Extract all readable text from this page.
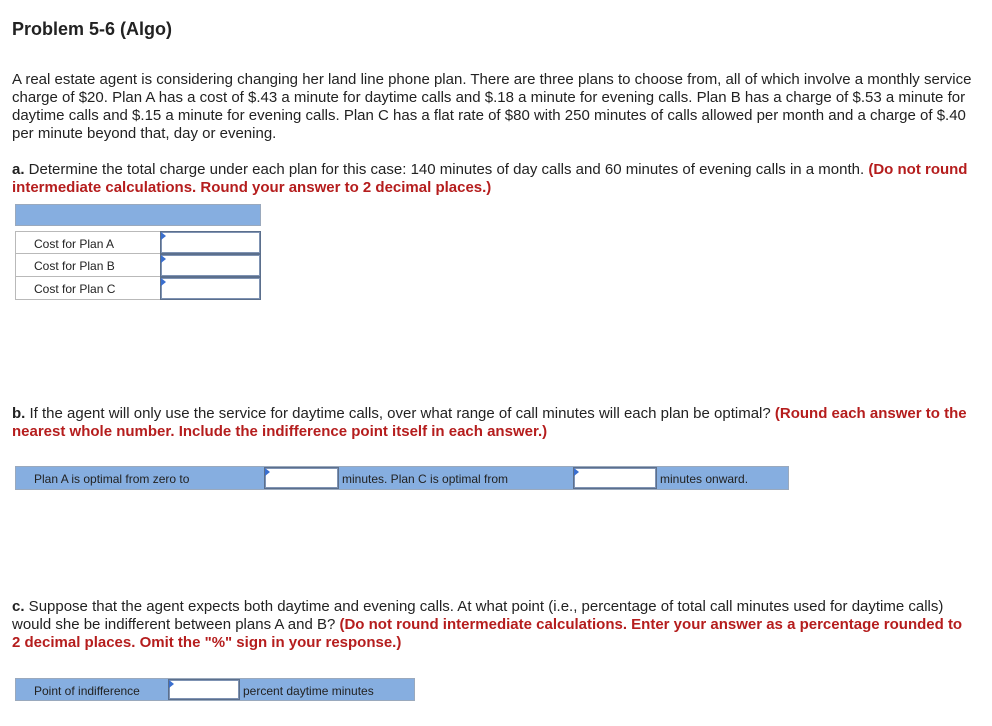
Problem 5-6 (Algo)
A real estate agent is considering changing her land line phone plan. There are three plans to choose from, all of which involve a monthly service charge of $20. Plan A has a cost of $.43 a minute for daytime calls and $.18 a minute for evening calls. Plan B has a charge of $.53 a minute for daytime calls and $.15 a minute for evening calls. Plan C has a flat rate of $80 with 250 minutes of calls allowed per month and a charge of $.40 per minute beyond that, day or evening.
a. Determine the total charge under each plan for this case: 140 minutes of day calls and 60 minutes of evening calls in a month. (Do not round intermediate calculations. Round your answer to 2 decimal places.)
Cost for Plan A
Cost for Plan B
Cost for Plan C
b. If the agent will only use the service for daytime calls, over what range of call minutes will each plan be optimal? (Round each answer to the nearest whole number. Include the indifference point itself in each answer.)
Plan A is optimal from zero to	minutes. Plan C is optimal from	minutes onward.
c. Suppose that the agent expects both daytime and evening calls. At what point (i.e., percentage of total call minutes used for daytime calls) would she be indifferent between plans A and B? (Do not round intermediate calculations. Enter your answer as a percentage rounded to 2 decimal places. Omit the "%" sign in your response.)
Point of indifference	percent daytime minutes
